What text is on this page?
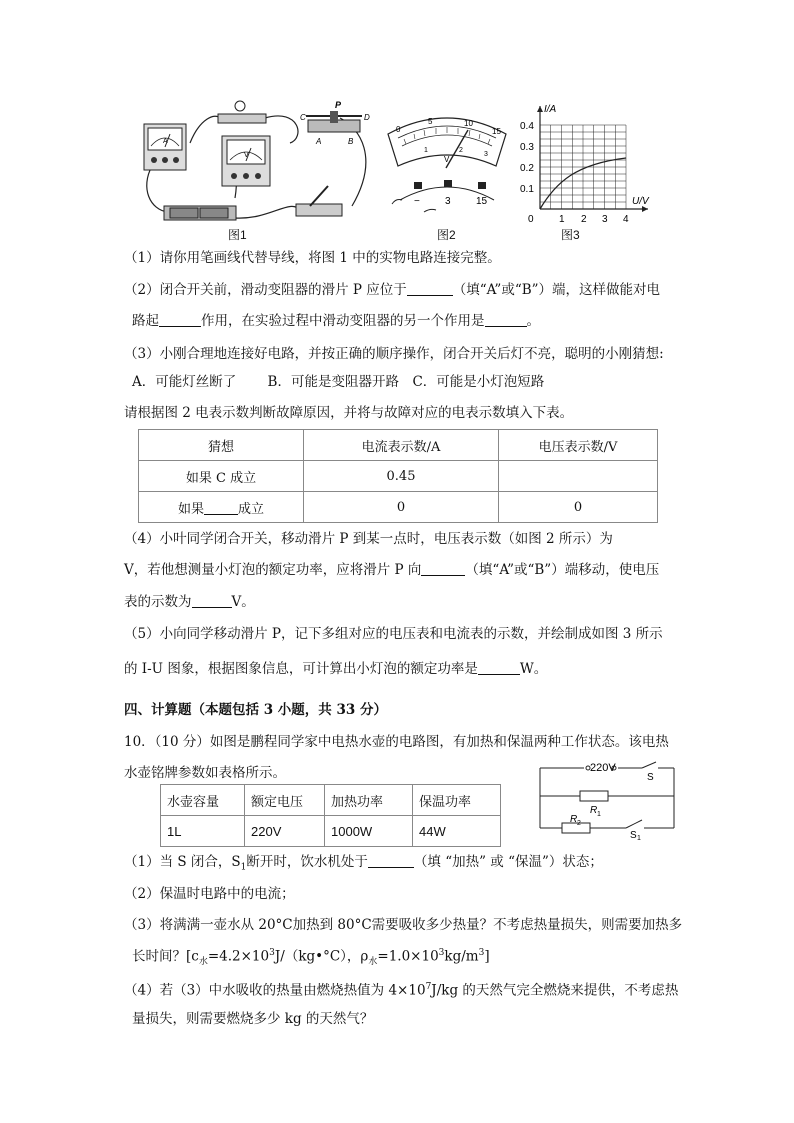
A
V
P
C	D
A	B
图1
0
5	10
15
1	2
3
V
−	3	15
图2
I/A
U/V
0.4
0.3
0.2
0.1
0	1 2 3 4
图3
（1）请你用笔画线代替导线，将图 1 中的实物电路连接完整。
（2）闭合开关前，滑动变阻器的滑片 P 应位于	（填“A”或“B”）端，这样做能对电
路起	作用，在实验过程中滑动变阻器的另一个作用是	。
（3）小刚合理地连接好电路，并按正确的顺序操作，闭合开关后灯不亮，聪明的小刚猜想:
A．可能灯丝断了　　 B．可能是变阻器开路　C．可能是小灯泡短路
请根据图 2 电表示数判断故障原因，并将与故障对应的电表示数填入下表。
猜想	电流表示数/A	电压表示数/V
如果 C 成立	0.45	
如果 成立	0	0
（4）小叶同学闭合开关，移动滑片 P 到某一点时，电压表示数（如图 2 所示）为
V，若他想测量小灯泡的额定功率，应将滑片 P 向	（填“A”或“B”）端移动，使电压
表的示数为	V。
（5）小向同学移动滑片 P，记下多组对应的电压表和电流表的示数，并绘制成如图 3 所示
的 I-U 图象，根据图象信息，可计算出小灯泡的额定功率是	W。
四、计算题（本题包括 3 小题，共 33 分）
10．（10 分）如图是鹏程同学家中电热水壶的电路图，有加热和保温两种工作状态。该电热
水壶铭牌参数如表格所示。
水壶容量	额定电压	加热功率	保温功率
1L	220V	1000W	44W
220V
S
R 1
R 2
S 1
（1）当 S 闭合，$S_1$断开时，饮水机处于	（填 “加热” 或 “保温”）状态；
（2）保温时电路中的电流；
（3）将满满一壶水从 20°C加热到 80°C需要吸收多少热量？不考虑热量损失，则需要加热多
长时间？[$c_水=4.2\times 10^3J/(kg•^\circ C)$，$\rho_水=1.0\times 10^3kg/m^3$]
（4）若（3）中水吸收的热量由燃烧热值为 $4\times 10^7J/kg$ 的天然气完全燃烧来提供，不考虑热
量损失，则需要燃烧多少 kg 的天然气？
